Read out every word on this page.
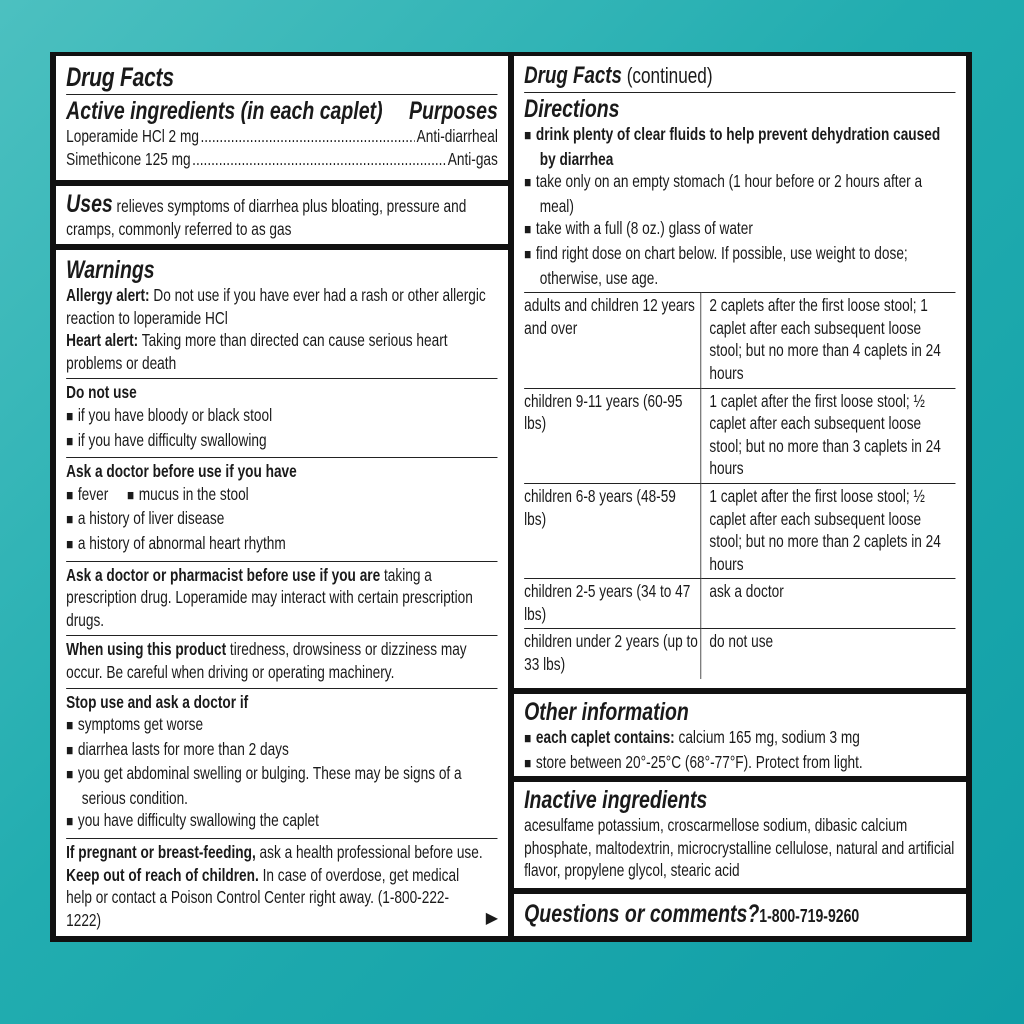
Drug Facts
Active ingredients (in each caplet) Purposes
Loperamide HCl 2 mg .....	Anti-diarrheal
Simethicone 125 mg .....	Anti-gas
Uses relieves symptoms of diarrhea plus bloating, pressure and cramps, commonly referred to as gas
Warnings
Allergy alert: Do not use if you have ever had a rash or other allergic reaction to loperamide HCl
Heart alert: Taking more than directed can cause serious heart problems or death
Do not use
■ if you have bloody or black stool
■ if you have difficulty swallowing
Ask a doctor before use if you have
■ fever ■ mucus in the stool
■ a history of liver disease
■ a history of abnormal heart rhythm
Ask a doctor or pharmacist before use if you are taking a prescription drug. Loperamide may interact with certain prescription drugs.
When using this product tiredness, drowsiness or dizziness may occur. Be careful when driving or operating machinery.
Stop use and ask a doctor if
■ symptoms get worse
■ diarrhea lasts for more than 2 days
■ you get abdominal swelling or bulging. These may be signs of a serious condition.
■ you have difficulty swallowing the caplet
If pregnant or breast-feeding, ask a health professional before use.
Keep out of reach of children. In case of overdose, get medical help or contact a Poison Control Center right away. (1-800-222-1222)	▶
Drug Facts (continued)
Directions
■ drink plenty of clear fluids to help prevent dehydration caused by diarrhea
■ take only on an empty stomach (1 hour before or 2 hours after a meal)
■ take with a full (8 oz.) glass of water
■ find right dose on chart below. If possible, use weight to dose; otherwise, use age.
adults and children 12 years and over	2 caplets after the first loose stool; 1 caplet after each subsequent loose stool; but no more than 4 caplets in 24 hours
children 9-11 years (60-95 lbs)	1 caplet after the first loose stool; ½ caplet after each subsequent loose stool; but no more than 3 caplets in 24 hours
children 6-8 years (48-59 lbs)	1 caplet after the first loose stool; ½ caplet after each subsequent loose stool; but no more than 2 caplets in 24 hours
children 2-5 years (34 to 47 lbs)	ask a doctor
children under 2 years (up to 33 lbs)	do not use
Other information
■ each caplet contains: calcium 165 mg, sodium 3 mg
■ store between 20°-25°C (68°-77°F). Protect from light.
Inactive ingredients
acesulfame potassium, croscarmellose sodium, dibasic calcium phosphate, maltodextrin, microcrystalline cellulose, natural and artificial flavor, propylene glycol, stearic acid
Questions or comments?1-800-719-9260
